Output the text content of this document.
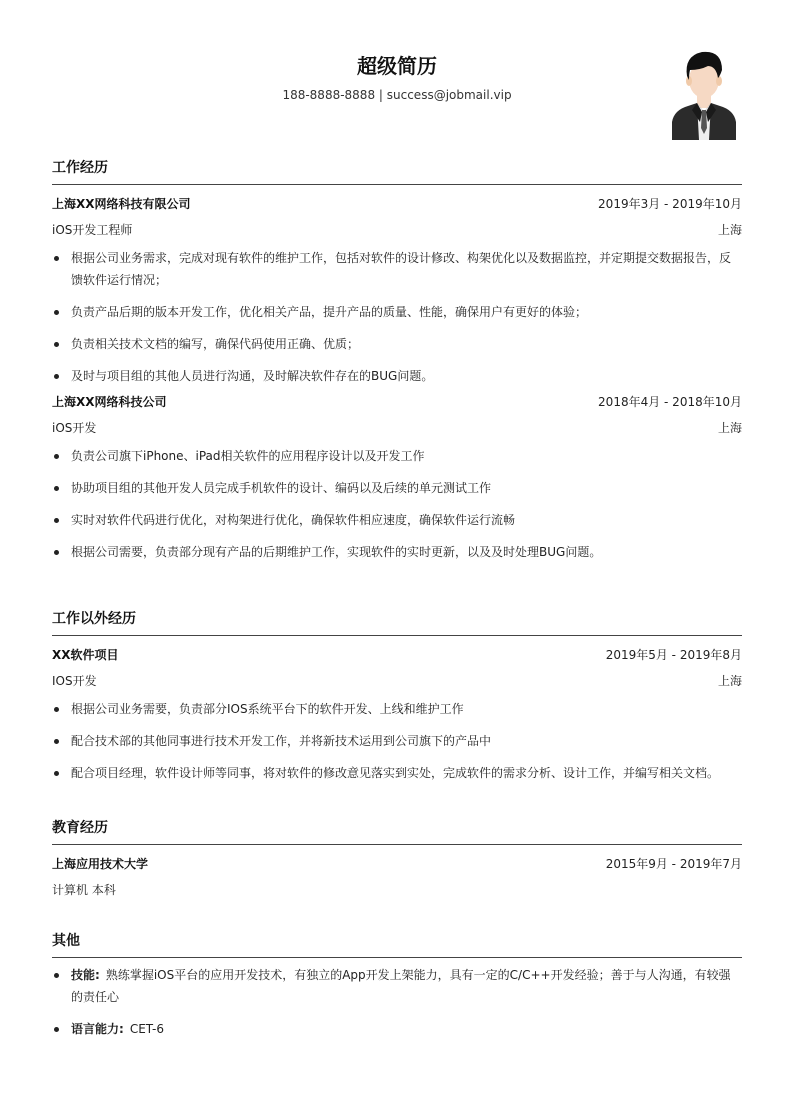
超级简历
188-8888-8888 | success@jobmail.vip
工作经历
上海XX网络科技有限公司	2019年3月 - 2019年10月
iOS开发工程师	上海
根据公司业务需求，完成对现有软件的维护工作，包括对软件的设计修改、构架优化以及数据监控，并定期提交数据报告，反馈软件运行情况；
负责产品后期的版本开发工作，优化相关产品，提升产品的质量、性能，确保用户有更好的体验；
负责相关技术文档的编写，确保代码使用正确、优质；
及时与项目组的其他人员进行沟通，及时解决软件存在的BUG问题。
上海XX网络科技公司	2018年4月 - 2018年10月
iOS开发	上海
负责公司旗下iPhone、iPad相关软件的应用程序设计以及开发工作
协助项目组的其他开发人员完成手机软件的设计、编码以及后续的单元测试工作
实时对软件代码进行优化，对构架进行优化，确保软件相应速度，确保软件运行流畅
根据公司需要，负责部分现有产品的后期维护工作，实现软件的实时更新，以及及时处理BUG问题。
工作以外经历
XX软件项目	2019年5月 - 2019年8月
IOS开发	上海
根据公司业务需要，负责部分IOS系统平台下的软件开发、上线和维护工作
配合技术部的其他同事进行技术开发工作，并将新技术运用到公司旗下的产品中
配合项目经理，软件设计师等同事，将对软件的修改意见落实到实处，完成软件的需求分析、设计工作，并编写相关文档。
教育经历
上海应用技术大学	2015年9月 - 2019年7月
计算机 本科
其他
技能: 熟练掌握iOS平台的应用开发技术，有独立的App开发上架能力，具有一定的C/C++开发经验；善于与人沟通，有较强的责任心
语言能力: CET-6
